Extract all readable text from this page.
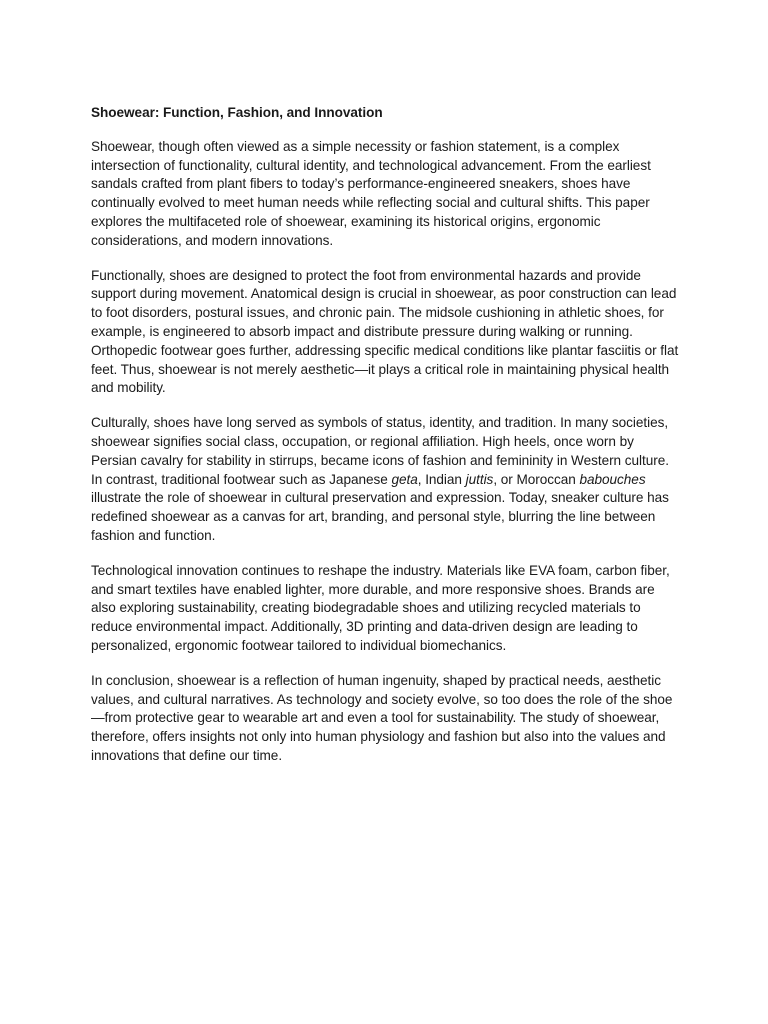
Shoewear: Function, Fashion, and Innovation

Shoewear, though often viewed as a simple necessity or fashion statement, is a complex intersection of functionality, cultural identity, and technological advancement. From the earliest sandals crafted from plant fibers to today’s performance-engineered sneakers, shoes have continually evolved to meet human needs while reflecting social and cultural shifts. This paper explores the multifaceted role of shoewear, examining its historical origins, ergonomic considerations, and modern innovations.

Functionally, shoes are designed to protect the foot from environmental hazards and provide support during movement. Anatomical design is crucial in shoewear, as poor construction can lead to foot disorders, postural issues, and chronic pain. The midsole cushioning in athletic shoes, for example, is engineered to absorb impact and distribute pressure during walking or running. Orthopedic footwear goes further, addressing specific medical conditions like plantar fasciitis or flat feet. Thus, shoewear is not merely aesthetic—it plays a critical role in maintaining physical health and mobility.

Culturally, shoes have long served as symbols of status, identity, and tradition. In many societies, shoewear signifies social class, occupation, or regional affiliation. High heels, once worn by Persian cavalry for stability in stirrups, became icons of fashion and femininity in Western culture. In contrast, traditional footwear such as Japanese geta, Indian juttis, or Moroccan babouches illustrate the role of shoewear in cultural preservation and expression. Today, sneaker culture has redefined shoewear as a canvas for art, branding, and personal style, blurring the line between fashion and function.

Technological innovation continues to reshape the industry. Materials like EVA foam, carbon fiber, and smart textiles have enabled lighter, more durable, and more responsive shoes. Brands are also exploring sustainability, creating biodegradable shoes and utilizing recycled materials to reduce environmental impact. Additionally, 3D printing and data-driven design are leading to personalized, ergonomic footwear tailored to individual biomechanics.

In conclusion, shoewear is a reflection of human ingenuity, shaped by practical needs, aesthetic values, and cultural narratives. As technology and society evolve, so too does the role of the shoe—from protective gear to wearable art and even a tool for sustainability. The study of shoewear, therefore, offers insights not only into human physiology and fashion but also into the values and innovations that define our time.
